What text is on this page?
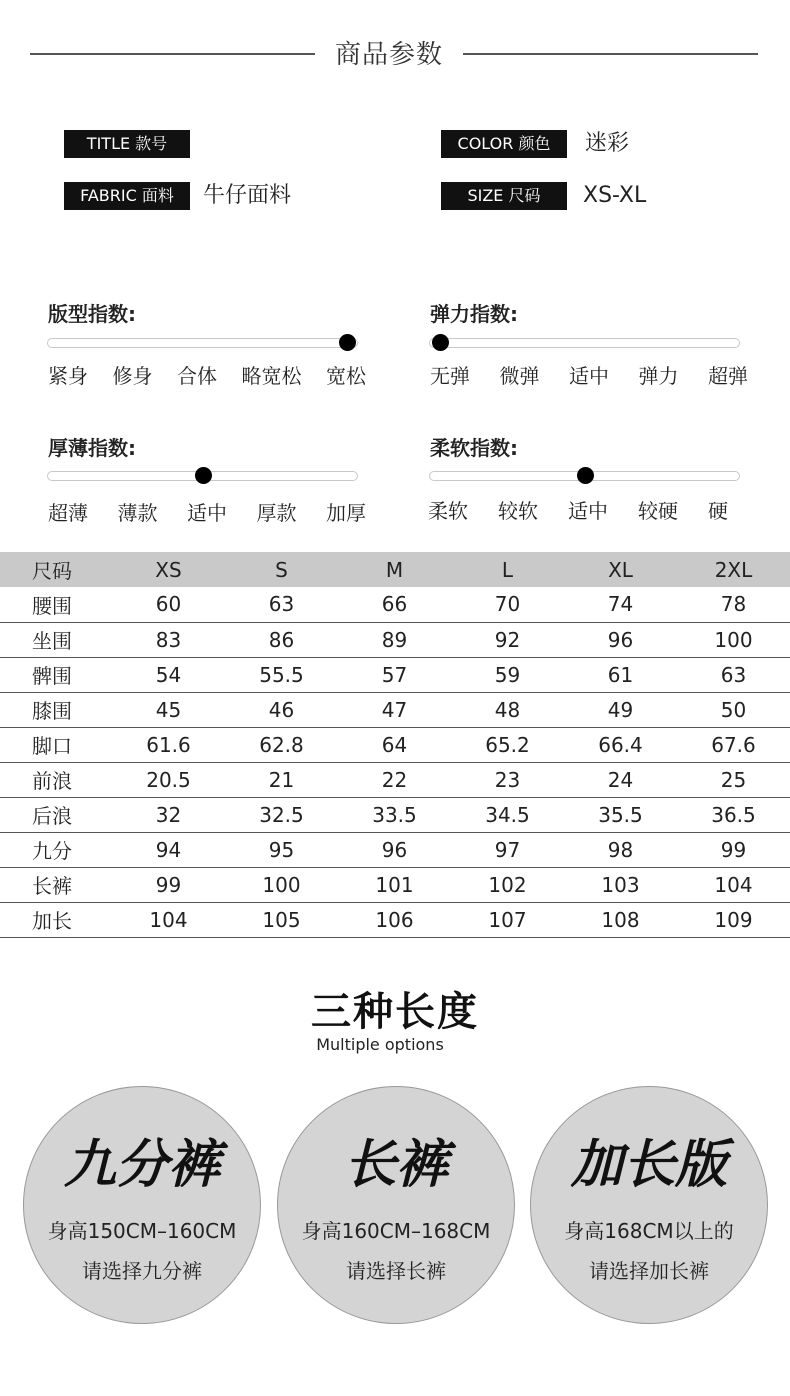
商品参数
TITLE 款号	COLOR 颜色	迷彩
FABRIC 面料	牛仔面料	SIZE 尺码	XS-XL
版型指数:
紧身 修身 合体 略宽松 宽松
弹力指数:
无弹 微弹 适中 弹力 超弹
厚薄指数:
超薄 薄款 适中 厚款 加厚
柔软指数:
柔软 较软 适中 较硬 硬
尺码	XS	S	M	L	XL	2XL
腰围	60	63	66	70	74	78
坐围	83	86	89	92	96	100
髀围	54	55.5	57	59	61	63
膝围	45	46	47	48	49	50
脚口	61.6	62.8	64	65.2	66.4	67.6
前浪	20.5	21	22	23	24	25
后浪	32	32.5	33.5	34.5	35.5	36.5
九分	94	95	96	97	98	99
长裤	99	100	101	102	103	104
加长	104	105	106	107	108	109
三种长度
Multiple options
九分裤
身高150CM–160CM
请选择九分裤
长裤
身高160CM–168CM
请选择长裤
加长版
身高168CM以上的
请选择加长裤
